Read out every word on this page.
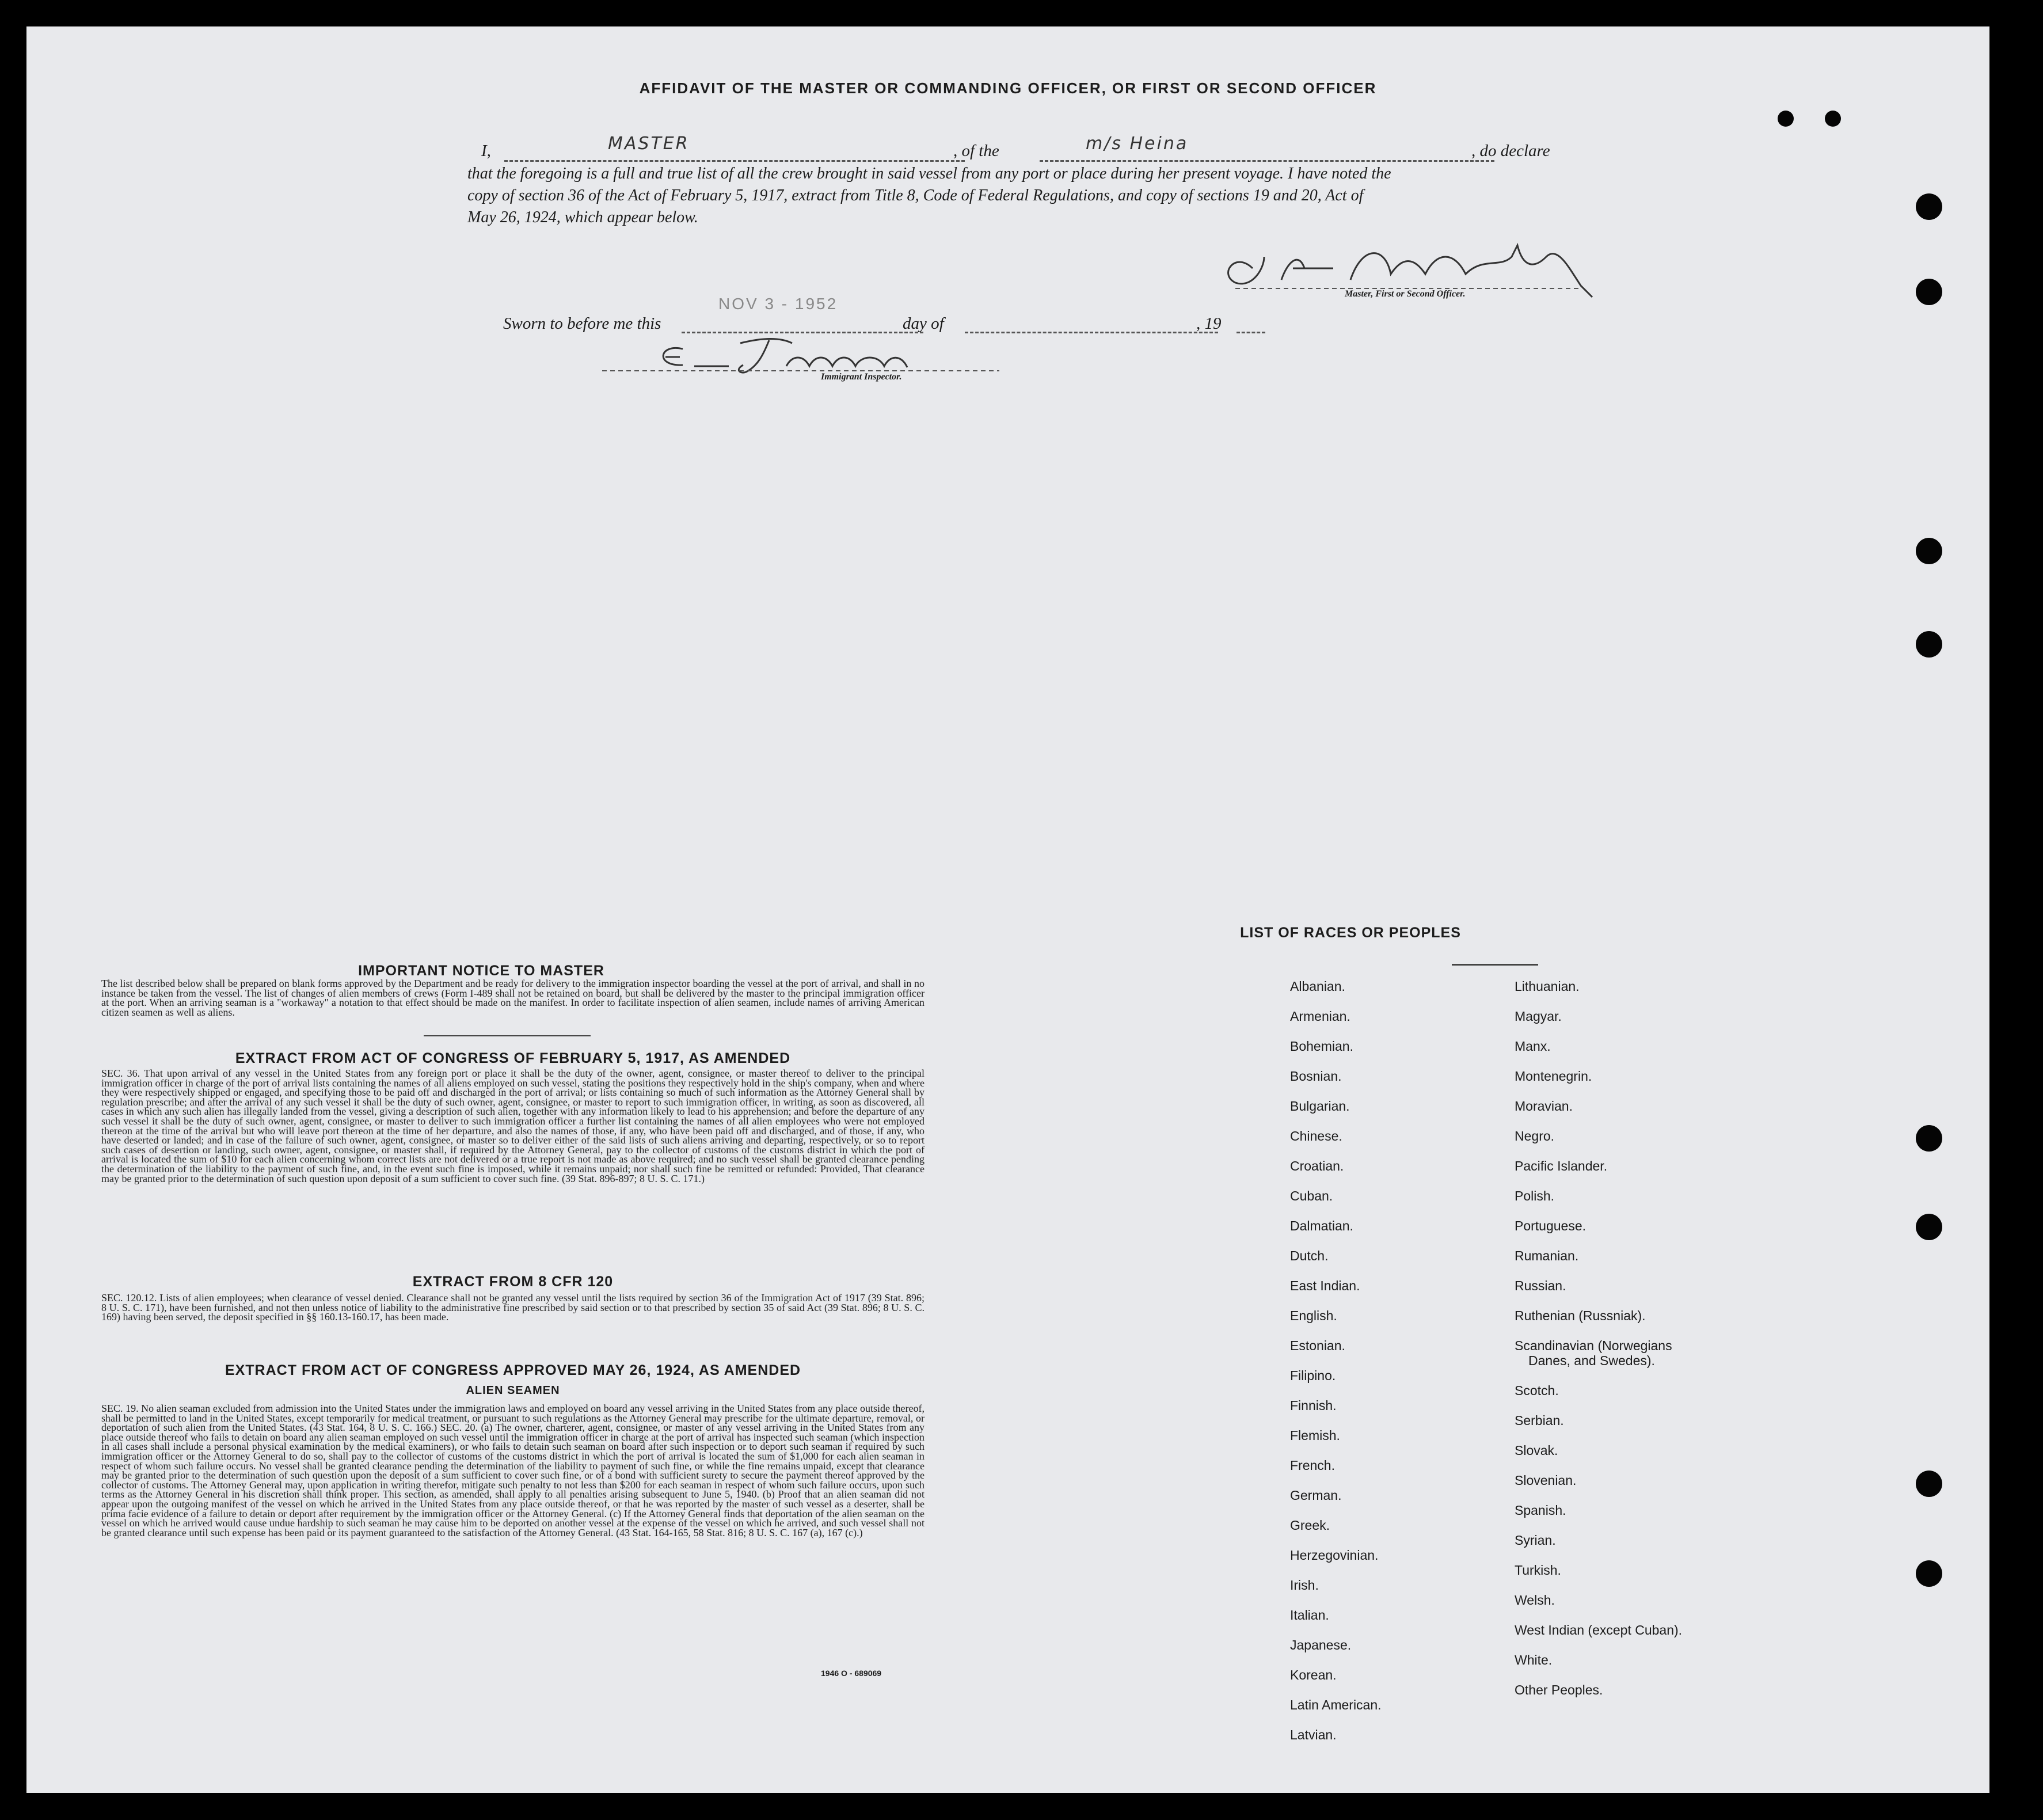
AFFIDAVIT OF THE MASTER OR COMMANDING OFFICER, OR FIRST OR SECOND OFFICER
I,	MASTER	, of the	m/s Heina	, do declare
that the foregoing is a full and true list of all the crew brought in said vessel from any port or place during her present voyage. I have noted the
copy of section 36 of the Act of February 5, 1917, extract from Title 8, Code of Federal Regulations, and copy of sections 19 and 20, Act of
May 26, 1924, which appear below.
Master, First or Second Officer.
Sworn to before me this
NOV 3 - 1952
day of	, 19
Immigrant Inspector.
IMPORTANT NOTICE TO MASTER
The list described below shall be prepared on blank forms approved by the Department and be ready for delivery to the immigration inspector boarding the vessel at the port of arrival, and shall in no instance be taken from the vessel. The list of changes of alien members of crews (Form I-489 shall not be retained on board, but shall be delivered by the master to the principal immigration officer at the port. When an arriving seaman is a "workaway" a notation to that effect should be made on the manifest. In order to facilitate inspection of alien seamen, include names of arriving American citizen seamen as well as aliens.
EXTRACT FROM ACT OF CONGRESS OF FEBRUARY 5, 1917, AS AMENDED
SEC. 36. That upon arrival of any vessel in the United States from any foreign port or place it shall be the duty of the owner, agent, consignee, or master thereof to deliver to the principal immigration officer in charge of the port of arrival lists containing the names of all aliens employed on such vessel, stating the positions they respectively hold in the ship's company, when and where they were respectively shipped or engaged, and specifying those to be paid off and discharged in the port of arrival; or lists containing so much of such information as the Attorney General shall by regulation prescribe; and after the arrival of any such vessel it shall be the duty of such owner, agent, consignee, or master to report to such immigration officer, in writing, as soon as discovered, all cases in which any such alien has illegally landed from the vessel, giving a description of such alien, together with any information likely to lead to his apprehension; and before the departure of any such vessel it shall be the duty of such owner, agent, consignee, or master to deliver to such immigration officer a further list containing the names of all alien employees who were not employed thereon at the time of the arrival but who will leave port thereon at the time of her departure, and also the names of those, if any, who have been paid off and discharged, and of those, if any, who have deserted or landed; and in case of the failure of such owner, agent, consignee, or master so to deliver either of the said lists of such aliens arriving and departing, respectively, or so to report such cases of desertion or landing, such owner, agent, consignee, or master shall, if required by the Attorney General, pay to the collector of customs of the customs district in which the port of arrival is located the sum of $10 for each alien concerning whom correct lists are not delivered or a true report is not made as above required; and no such vessel shall be granted clearance pending the determination of the liability to the payment of such fine, and, in the event such fine is imposed, while it remains unpaid; nor shall such fine be remitted or refunded: Provided, That clearance may be granted prior to the determination of such question upon deposit of a sum sufficient to cover such fine. (39 Stat. 896-897; 8 U. S. C. 171.)
EXTRACT FROM 8 CFR 120
SEC. 120.12. Lists of alien employees; when clearance of vessel denied. Clearance shall not be granted any vessel until the lists required by section 36 of the Immigration Act of 1917 (39 Stat. 896; 8 U. S. C. 171), have been furnished, and not then unless notice of liability to the administrative fine prescribed by said section or to that prescribed by section 35 of said Act (39 Stat. 896; 8 U. S. C. 169) having been served, the deposit specified in §§ 160.13-160.17, has been made.
EXTRACT FROM ACT OF CONGRESS APPROVED MAY 26, 1924, AS AMENDED
ALIEN SEAMEN
SEC. 19. No alien seaman excluded from admission into the United States under the immigration laws and employed on board any vessel arriving in the United States from any place outside thereof, shall be permitted to land in the United States, except temporarily for medical treatment, or pursuant to such regulations as the Attorney General may prescribe for the ultimate departure, removal, or deportation of such alien from the United States. (43 Stat. 164, 8 U. S. C. 166.) SEC. 20. (a) The owner, charterer, agent, consignee, or master of any vessel arriving in the United States from any place outside thereof who fails to detain on board any alien seaman employed on such vessel until the immigration officer in charge at the port of arrival has inspected such seaman (which inspection in all cases shall include a personal physical examination by the medical examiners), or who fails to detain such seaman on board after such inspection or to deport such seaman if required by such immigration officer or the Attorney General to do so, shall pay to the collector of customs of the customs district in which the port of arrival is located the sum of $1,000 for each alien seaman in respect of whom such failure occurs. No vessel shall be granted clearance pending the determination of the liability to payment of such fine, or while the fine remains unpaid, except that clearance may be granted prior to the determination of such question upon the deposit of a sum sufficient to cover such fine, or of a bond with sufficient surety to secure the payment thereof approved by the collector of customs. The Attorney General may, upon application in writing therefor, mitigate such penalty to not less than $200 for each seaman in respect of whom such failure occurs, upon such terms as the Attorney General in his discretion shall think proper. This section, as amended, shall apply to all penalties arising subsequent to June 5, 1940. (b) Proof that an alien seaman did not appear upon the outgoing manifest of the vessel on which he arrived in the United States from any place outside thereof, or that he was reported by the master of such vessel as a deserter, shall be prima facie evidence of a failure to detain or deport after requirement by the immigration officer or the Attorney General. (c) If the Attorney General finds that deportation of the alien seaman on the vessel on which he arrived would cause undue hardship to such seaman he may cause him to be deported on another vessel at the expense of the vessel on which he arrived, and such vessel shall not be granted clearance until such expense has been paid or its payment guaranteed to the satisfaction of the Attorney General. (43 Stat. 164-165, 58 Stat. 816; 8 U. S. C. 167 (a), 167 (c).)
1946 O - 689069
LIST OF RACES OR PEOPLES
Albanian.
Armenian.
Bohemian.
Bosnian.
Bulgarian.
Chinese.
Croatian.
Cuban.
Dalmatian.
Dutch.
East Indian.
English.
Estonian.
Filipino.
Finnish.
Flemish.
French.
German.
Greek.
Herzegovinian.
Irish.
Italian.
Japanese.
Korean.
Latin American.
Latvian.
Lithuanian.
Magyar.
Manx.
Montenegrin.
Moravian.
Negro.
Pacific Islander.
Polish.
Portuguese.
Rumanian.
Russian.
Ruthenian (Russniak).
Scandinavian (Norwegians
Danes, and Swedes).
Scotch.
Serbian.
Slovak.
Slovenian.
Spanish.
Syrian.
Turkish.
Welsh.
West Indian (except Cuban).
White.
Other Peoples.
